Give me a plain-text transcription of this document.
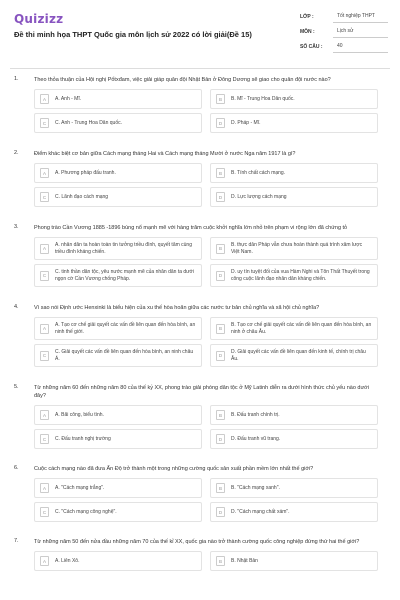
Quizizz
Đề thi minh họa THPT Quốc gia môn lịch sử 2022 có lời giải(Đề 15)
LỚP :	Tốt nghiệp THPT
MÔN :	Lịch sử
SỐ CÂU :	40
1.	Theo thỏa thuận của Hội nghị Pốtxđam, việc giải giáp quân đội Nhật Bản ở Đông Dương sẽ giao cho quân đội nước nào?
A	A. Anh - Mĩ.	B	B. Mĩ - Trung Hoa Dân quốc.
C	C. Anh - Trung Hoa Dân quốc.	D	D. Pháp - Mĩ.
2.	Điểm khác biệt cơ bản giữa Cách mạng tháng Hai và Cách mạng tháng Mười ở nước Nga năm 1917 là gì?
A	A. Phương pháp đấu tranh.	B	B. Tính chất cách mạng.
C	C. Lãnh đạo cách mạng	D	D. Lực lượng cách mạng
3.	Phong trào Cần Vương 1885 -1896 bùng nổ mạnh mẽ với hàng trăm cuộc khởi nghĩa lớn nhỏ trên phạm vi rộng lớn đã chứng tỏ
A
A. nhân dân ta hoàn toàn tin tưởng triều đình, quyết tâm cùng triều đình kháng chiến.	B
B. thực dân Pháp vẫn chưa hoàn thành quá trình xâm lược Việt Nam.
C
C. tinh thần dân tộc, yêu nước mạnh mẽ của nhân dân ta dưới ngọn cờ Cần Vương chống Pháp.	D
D. uy tín tuyệt đối của vua Hàm Nghi và Tôn Thất Thuyết trong công cuộc lãnh đạo nhân dân kháng chiến.
4.	Vì sao nói Định ước Henxinki là biểu hiện của xu thế hòa hoãn giữa các nước tư bản chủ nghĩa và xã hội chủ nghĩa?
A
A. Tạo cơ chế giải quyết các vấn đề liên quan đến hòa bình, an ninh thế giới.	B
B. Tạo cơ chế giải quyết các vấn đề liên quan đến hòa bình, an ninh ở châu Âu.
C
C. Giải quyết các vấn đề liên quan đến hòa bình, an ninh châu Á.	D
D. Giải quyết các vấn đề liên quan đến kinh tế, chính trị châu Âu.
5.	Từ những năm 60 đến những năm 80 của thế kỷ XX, phong trào giải phóng dân tộc ở Mỹ Latinh diễn ra dưới hình thức chủ yếu nào dưới đây?
A	A. Bãi công, biểu tình.	B	B. Đấu tranh chính trị.
C	C. Đấu tranh nghị trường	D	D. Đấu tranh vũ trang.
6.	Cuộc cách mạng nào đã đưa Ấn Độ trở thành một trong những cường quốc sản xuất phần mềm lớn nhất thế giới?
A	A. "Cách mạng trắng".	B	B. "Cách mạng xanh".
C	C. "Cách mạng công nghệ".	D	D. "Cách mạng chất xám".
7.	Từ những năm 50 đến nửa đầu những năm 70 của thế kỉ XX, quốc gia nào trở thành cường quốc công nghiệp đứng thứ hai thế giới?
A	A. Liên Xô.	B	B. Nhật Bản
